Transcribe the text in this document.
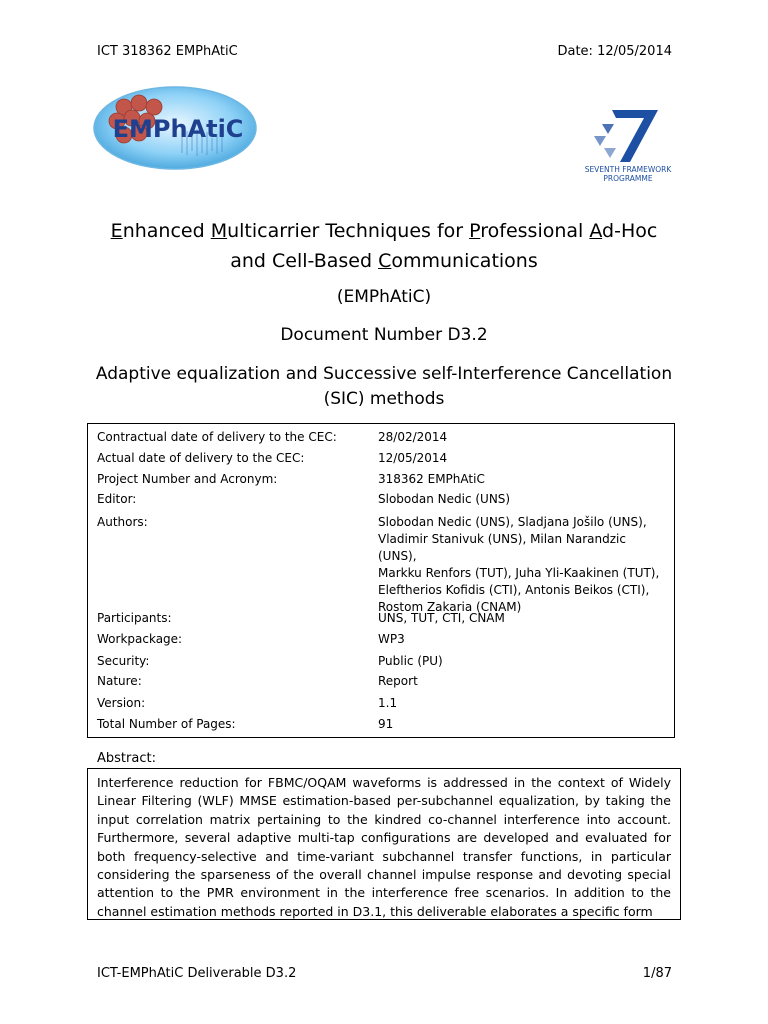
ICT 318362 EMPhAtiC	Date: 12/05/2014
EMPhAtiC
SEVENTH FRAMEWORK
PROGRAMME
Enhanced Multicarrier Techniques for Professional Ad-Hoc
and Cell-Based Communications
(EMPhAtiC)
Document Number D3.2
Adaptive equalization and Successive self-Interference Cancellation
(SIC) methods
Contractual date of delivery to the CEC:	28/02/2014
Actual date of delivery to the CEC:	12/05/2014
Project Number and Acronym:	318362 EMPhAtiC
Editor:	Slobodan Nedic (UNS)
Authors:	Slobodan Nedic (UNS), Sladjana Jošilo (UNS),
Vladimir Stanivuk (UNS), Milan Narandzic (UNS),
Markku Renfors (TUT), Juha Yli-Kaakinen (TUT),
Eleftherios Kofidis (CTI), Antonis Beikos (CTI),
Rostom Zakaria (CNAM)
Participants:	UNS, TUT, CTI, CNAM
Workpackage:	WP3
Security:	Public (PU)
Nature:	Report
Version:	1.1
Total Number of Pages:	91
Abstract:

Interference reduction for FBMC/OQAM waveforms is addressed in the context of Widely Linear Filtering (WLF) MMSE estimation-based per-subchannel equalization, by taking the input correlation matrix pertaining to the kindred co-channel interference into account. Furthermore, several adaptive multi-tap configurations are developed and evaluated for both frequency-selective and time-variant subchannel transfer functions, in particular considering the sparseness of the overall channel impulse response and devoting special attention to the PMR environment in the interference free scenarios. In addition to the channel estimation methods reported in D3.1, this deliverable elaborates a specific form

ICT-EMPhAtiC Deliverable D3.2	1/87
